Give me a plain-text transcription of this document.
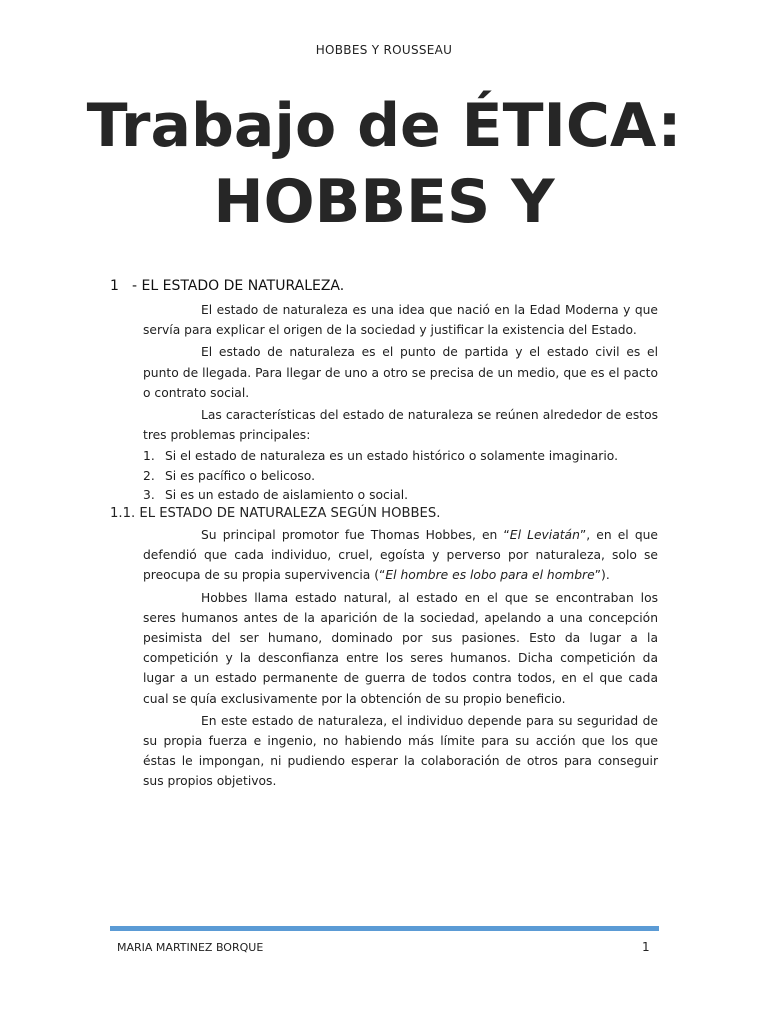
HOBBES Y ROUSSEAU
Trabajo de ÉTICA:
HOBBES Y
1 - EL ESTADO DE NATURALEZA.

El estado de naturaleza es una idea que nació en la Edad Moderna y que servía para explicar el origen de la sociedad y justificar la existencia del Estado.

El estado de naturaleza es el punto de partida y el estado civil es el punto de llegada. Para llegar de uno a otro se precisa de un medio, que es el pacto o contrato social.

Las características del estado de naturaleza se reúnen alrededor de estos tres problemas principales:

1. Si el estado de naturaleza es un estado histórico o solamente imaginario.
2. Si es pacífico o belicoso.
3. Si es un estado de aislamiento o social.
1.1. EL ESTADO DE NATURALEZA SEGÚN HOBBES.

Su principal promotor fue Thomas Hobbes, en “El Leviatán”, en el que defendió que cada individuo, cruel, egoísta y perverso por naturaleza, solo se preocupa de su propia supervivencia (“El hombre es lobo para el hombre”).

Hobbes llama estado natural, al estado en el que se encontraban los seres humanos antes de la aparición de la sociedad, apelando a una concepción pesimista del ser humano, dominado por sus pasiones. Esto da lugar a la competición y la desconfianza entre los seres humanos. Dicha competición da lugar a un estado permanente de guerra de todos contra todos, en el que cada cual se quía exclusivamente por la obtención de su propio beneficio.

En este estado de naturaleza, el individuo depende para su seguridad de su propia fuerza e ingenio, no habiendo más límite para su acción que los que éstas le impongan, ni pudiendo esperar la colaboración de otros para conseguir sus propios objetivos.

MARIA MARTINEZ BORQUE	1
